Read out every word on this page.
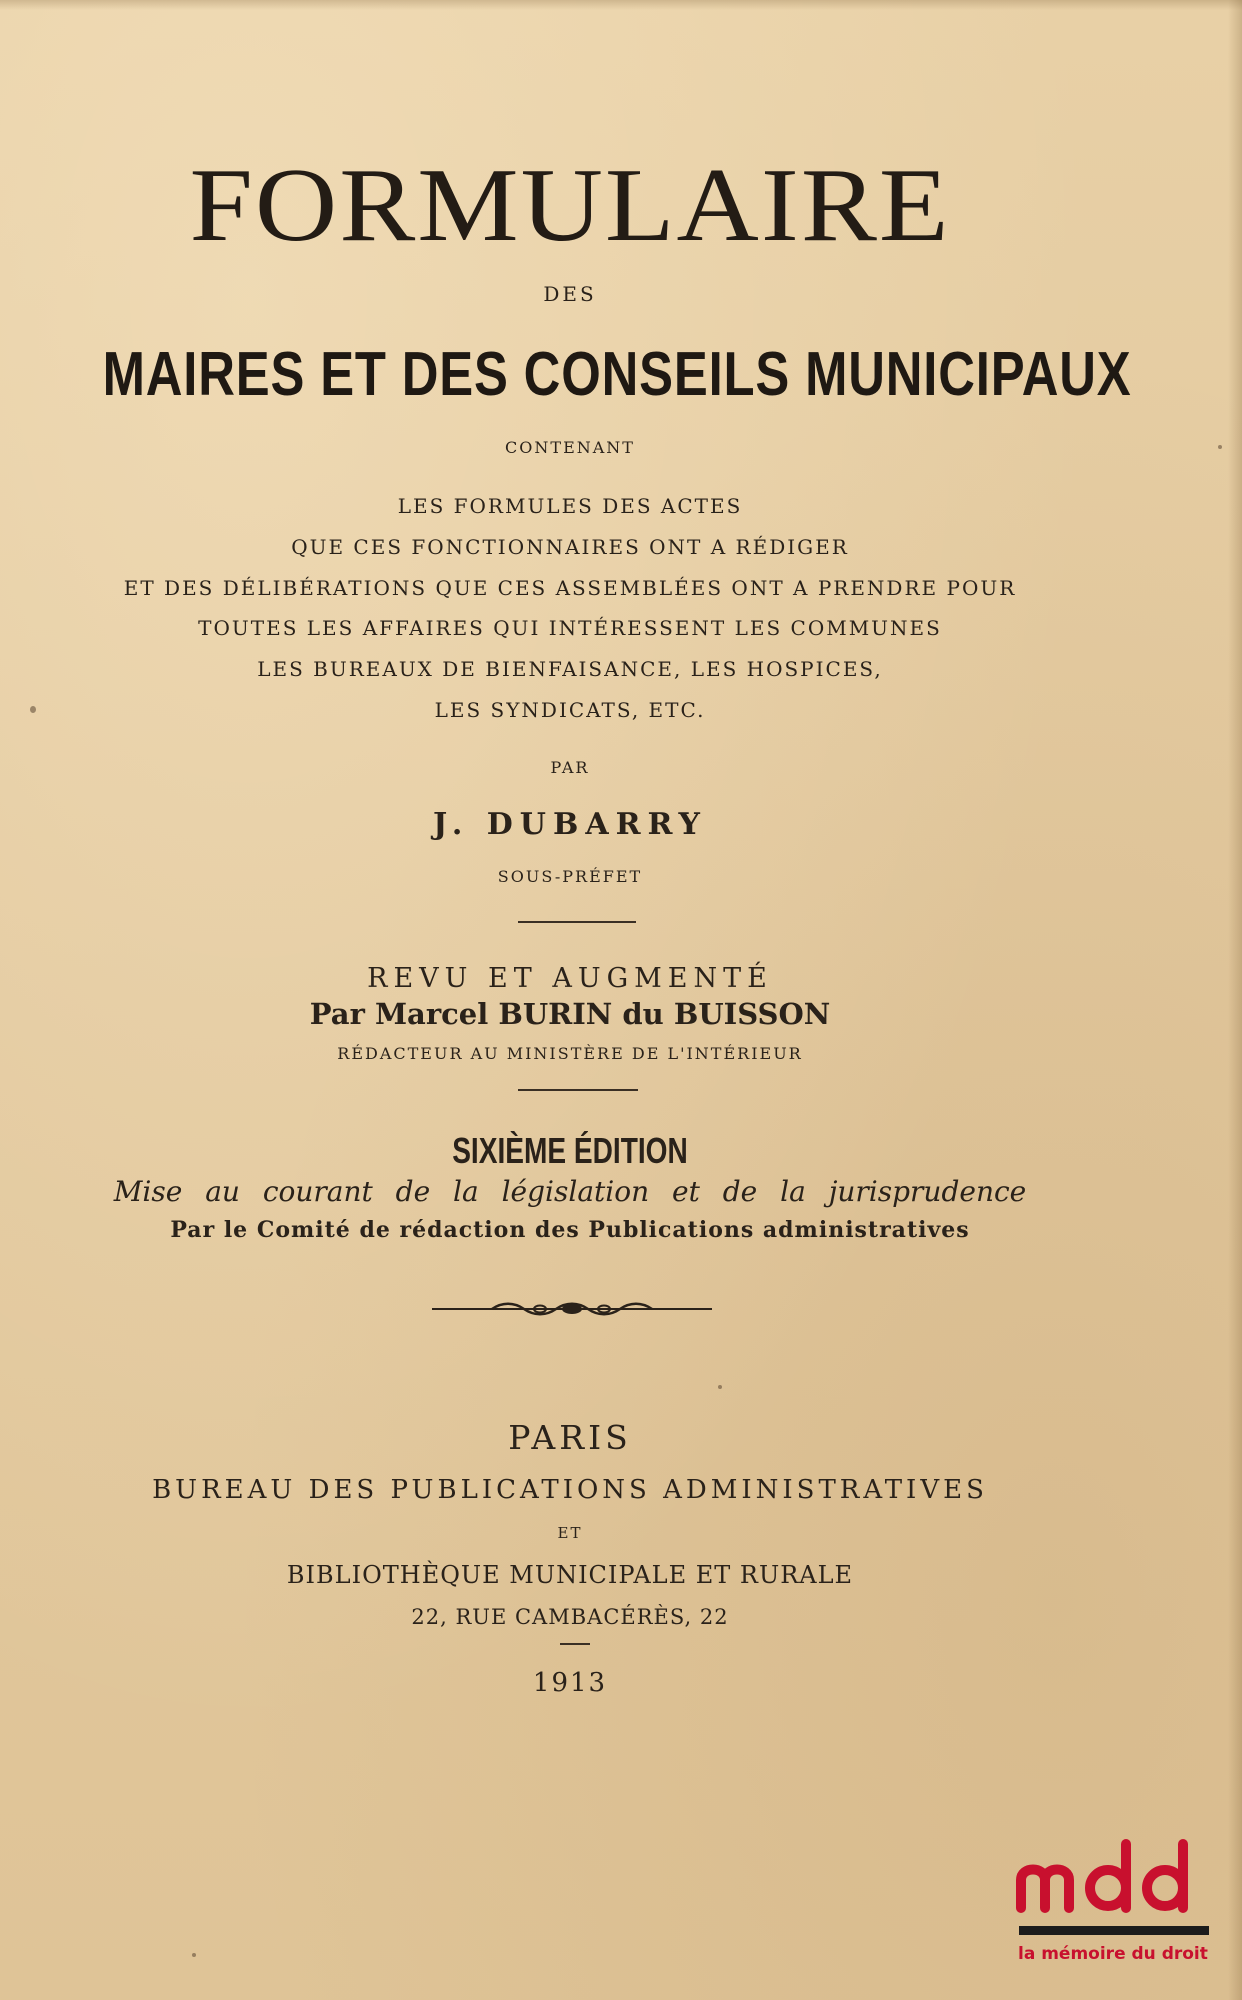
FORMULAIRE
DES
MAIRES ET DES CONSEILS MUNICIPAUX
CONTENANT
LES FORMULES DES ACTES
QUE CES FONCTIONNAIRES ONT A RÉDIGER
ET DES DÉLIBÉRATIONS QUE CES ASSEMBLÉES ONT A PRENDRE POUR
TOUTES LES AFFAIRES QUI INTÉRESSENT LES COMMUNES
LES BUREAUX DE BIENFAISANCE, LES HOSPICES,
LES SYNDICATS, ETC.
PAR
J. DUBARRY
SOUS-PRÉFET
REVU ET AUGMENTÉ
Par Marcel BURIN du BUISSON
RÉDACTEUR AU MINISTÈRE DE L'INTÉRIEUR
SIXIÈME ÉDITION
Mise au courant de la législation et de la jurisprudence
Par le Comité de rédaction des Publications administratives
PARIS
BUREAU DES PUBLICATIONS ADMINISTRATIVES
ET
BIBLIOTHÈQUE MUNICIPALE ET RURALE
22, RUE CAMBACÉRÈS, 22
1913
la mémoire du droit
